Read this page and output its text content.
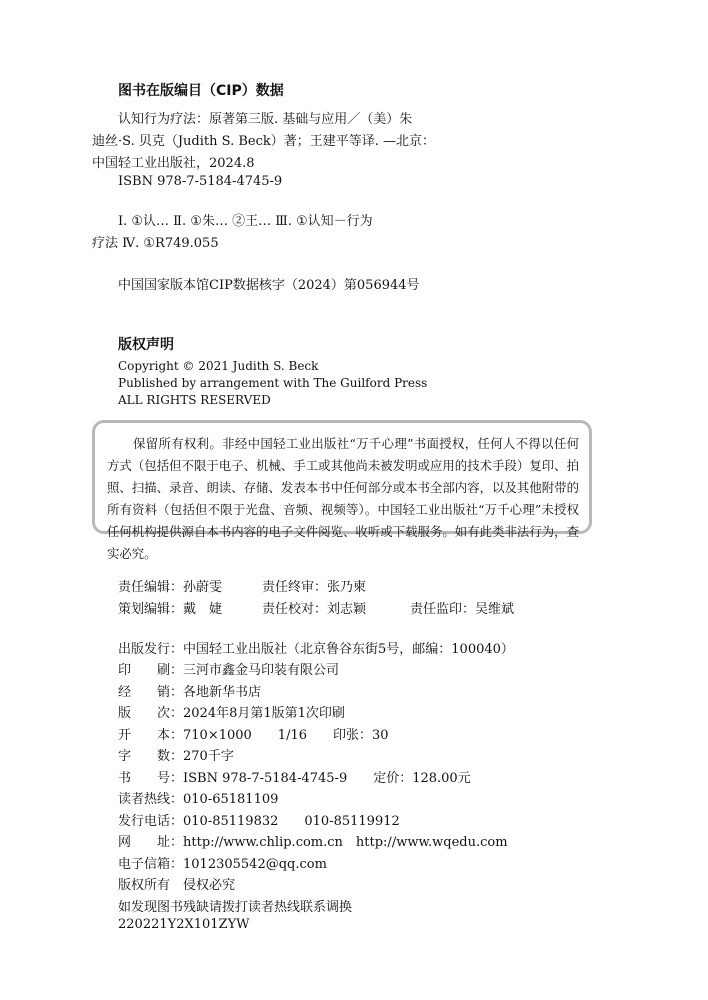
图书在版编目（CIP）数据
认知行为疗法：原著第三版. 基础与应用／（美）朱
迪丝·S. 贝克（Judith S. Beck）著；王建平等译. —北京：
中国轻工业出版社，2024.8
ISBN 978-7-5184-4745-9
Ⅰ. ①认… Ⅱ. ①朱… ②王… Ⅲ. ①认知－行为
疗法 Ⅳ. ①R749.055
中国国家版本馆CIP数据核字（2024）第056944号
版权声明
Copyright © 2021 Judith S. Beck
Published by arrangement with The Guilford Press
ALL RIGHTS RESERVED

保留所有权利。非经中国轻工业出版社“万千心理”书面授权，任何人不得以任何方式（包括但不限于电子、机械、手工或其他尚未被发明或应用的技术手段）复印、拍照、扫描、录音、朗读、存储、发表本书中任何部分或本书全部内容，以及其他附带的所有资料（包括但不限于光盘、音频、视频等）。中国轻工业出版社“万千心理”未授权任何机构提供源自本书内容的电子文件阅览、收听或下载服务。如有此类非法行为，查实必究。

责任编辑：孙蔚雯	责任终审：张乃柬
策划编辑：戴　婕	责任校对：刘志颖	责任监印：吴维斌
出版发行：中国轻工业出版社（北京鲁谷东街5号，邮编：100040）
印　　刷：三河市鑫金马印装有限公司
经　　销：各地新华书店
版　　次：2024年8月第1版第1次印刷
开　　本：710×1000　　1/16　　印张：30
字　　数：270千字
书　　号：ISBN 978-7-5184-4745-9　　定价：128.00元
读者热线：010-65181109
发行电话：010-85119832　　010-85119912
网　　址：http://www.chlip.com.cn　http://www.wqedu.com
电子信箱：1012305542@qq.com
版权所有　侵权必究
如发现图书残缺请拨打读者热线联系调换
220221Y2X101ZYW
